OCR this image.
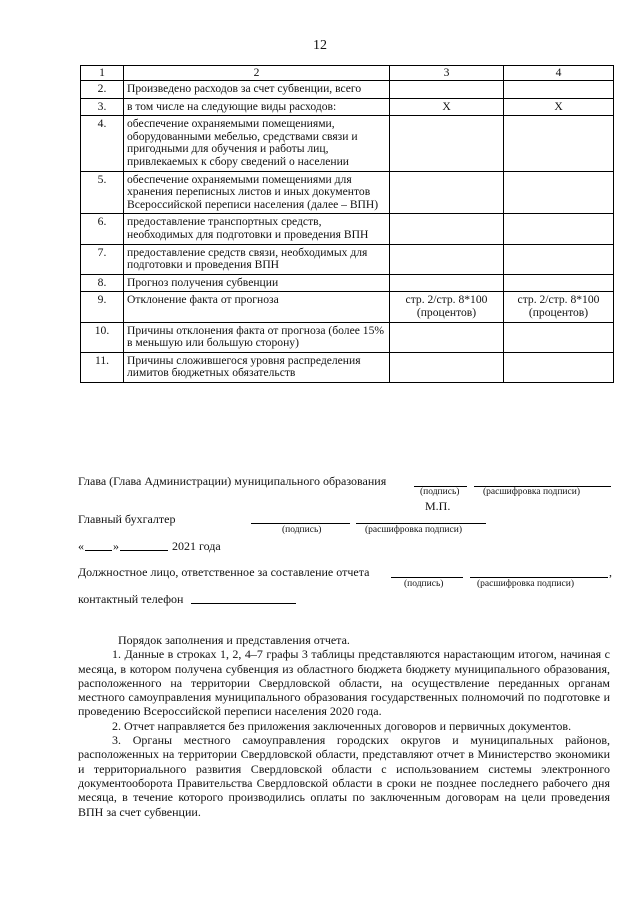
12
1	2	3	4
2.	Произведено расходов за счет субвенции, всего		
3.	в том числе на следующие виды расходов:	X	X
4.	обеспечение охраняемыми помещениями, оборудованными мебелью, средствами связи и пригодными для обучения и работы лиц, привлекаемых к сбору сведений о населении		
5.	обеспечение охраняемыми помещениями для хранения переписных листов и иных документов Всероссийской переписи населения (далее – ВПН)		
6.	предоставление транспортных средств, необходимых для подготовки и проведения ВПН		
7.	предоставление средств связи, необходимых для подготовки и проведения ВПН		
8.	Прогноз получения субвенции		
9.	Отклонение факта от прогноза	стр. 2/стр. 8*100 (процентов)	стр. 2/стр. 8*100 (процентов)
10.	Причины отклонения факта от прогноза (более 15% в меньшую или большую сторону)		
11.	Причины сложившегося уровня распределения лимитов бюджетных обязательств		
Глава (Глава Администрации) муниципального образования
(подпись) (расшифровка подписи)
М.П.
Главный бухгалтер
(подпись)	(расшифровка подписи)
« »	2021 года
Должностное лицо, ответственное за составление отчета	,
(подпись)	(расшифровка подписи)
контактный телефон

Порядок заполнения и представления отчета.

1. Данные в строках 1, 2, 4–7 графы 3 таблицы представляются нарастающим итогом, начиная с месяца, в котором получена субвенция из областного бюджета бюджету муниципального образования, расположенного на территории Свердловской области, на осуществление переданных органам местного самоуправления муниципального образования государственных полномочий по подготовке и проведению Всероссийской переписи населения 2020 года.

2. Отчет направляется без приложения заключенных договоров и первичных документов.

3. Органы местного самоуправления городских округов и муниципальных районов, расположенных на территории Свердловской области, представляют отчет в Министерство экономики и территориального развития Свердловской области с использованием системы электронного документооборота Правительства Свердловской области в сроки не позднее последнего рабочего дня месяца, в течение которого производились оплаты по заключенным договорам на цели проведения ВПН за счет субвенции.
